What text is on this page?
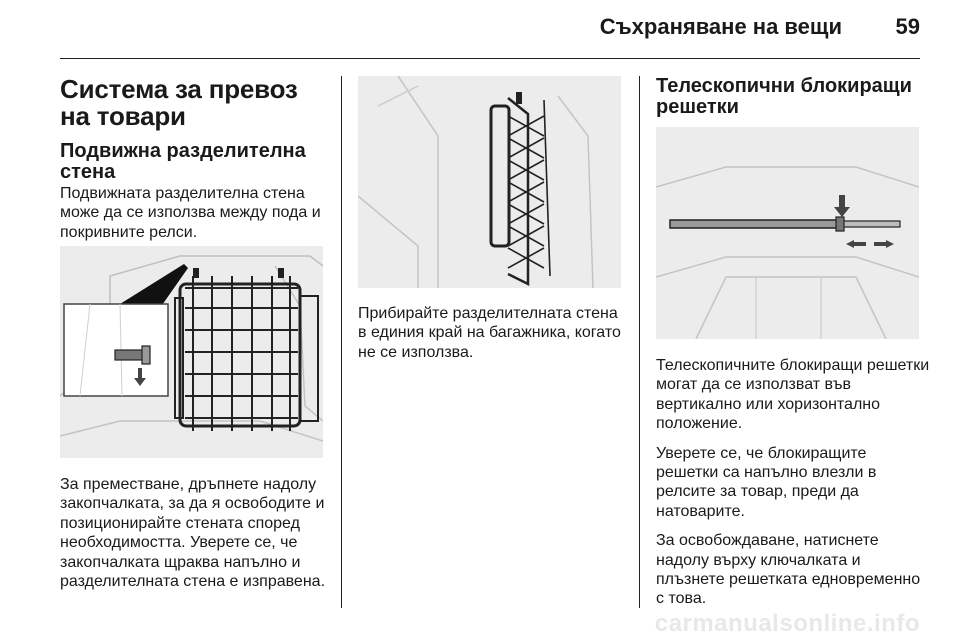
Съхраняване на вещи 59
Система за превоз на товари
Подвижна разделителна стена

Подвижната разделителна стена може да се използва между пода и покривните релси.

За преместване, дръпнете надолу закопчалката, за да я освободите и позиционирайте стената според необходимостта. Уверете се, че закопчалката щраква напълно и разделителната стена е изправена.

Прибирайте разделителната стена в единия край на багажника, когато не се използва.

Телескопични блокиращи решетки

Телескопичните блокиращи решетки могат да се използват във вертикално или хоризонтално положение.

Уверете се, че блокиращите решетки са напълно влезли в релсите за товар, преди да натоварите.

За освобождаване, натиснете надолу върху ключалката и плъзнете решетката едновременно с това.

carmanualsonline.info
